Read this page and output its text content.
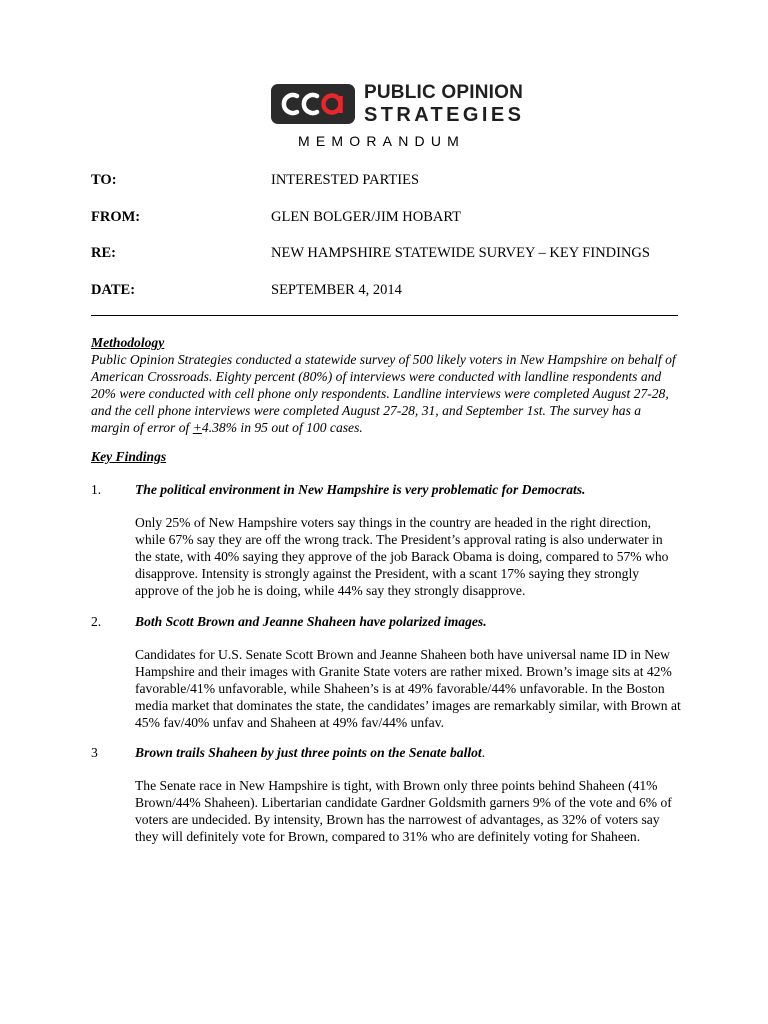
PUBLIC OPINION
STRATEGIES
MEMORANDUM
TO:	INTERESTED PARTIES
FROM:	GLEN BOLGER/JIM HOBART
RE:	NEW HAMPSHIRE STATEWIDE SURVEY – KEY FINDINGS
DATE:	SEPTEMBER 4, 2014
Methodology

Public Opinion Strategies conducted a statewide survey of 500 likely voters in New Hampshire on behalf of American Crossroads. Eighty percent (80%) of interviews were conducted with landline respondents and 20% were conducted with cell phone only respondents. Landline interviews were completed August 27-28, and the cell phone interviews were completed August 27-28, 31, and September 1st. The survey has a margin of error of +4.38% in 95 out of 100 cases.

Key Findings
1. The political environment in New Hampshire is very problematic for Democrats.

Only 25% of New Hampshire voters say things in the country are headed in the right direction, while 67% say they are off the wrong track. The President’s approval rating is also underwater in the state, with 40% saying they approve of the job Barack Obama is doing, compared to 57% who disapprove. Intensity is strongly against the President, with a scant 17% saying they strongly approve of the job he is doing, while 44% say they strongly disapprove.

2. Both Scott Brown and Jeanne Shaheen have polarized images.

Candidates for U.S. Senate Scott Brown and Jeanne Shaheen both have universal name ID in New Hampshire and their images with Granite State voters are rather mixed. Brown’s image sits at 42% favorable/41% unfavorable, while Shaheen’s is at 49% favorable/44% unfavorable. In the Boston media market that dominates the state, the candidates’ images are remarkably similar, with Brown at 45% fav/40% unfav and Shaheen at 49% fav/44% unfav.

3	Brown trails Shaheen by just three points on the Senate ballot.

The Senate race in New Hampshire is tight, with Brown only three points behind Shaheen (41% Brown/44% Shaheen). Libertarian candidate Gardner Goldsmith garners 9% of the vote and 6% of voters are undecided. By intensity, Brown has the narrowest of advantages, as 32% of voters say they will definitely vote for Brown, compared to 31% who are definitely voting for Shaheen.
